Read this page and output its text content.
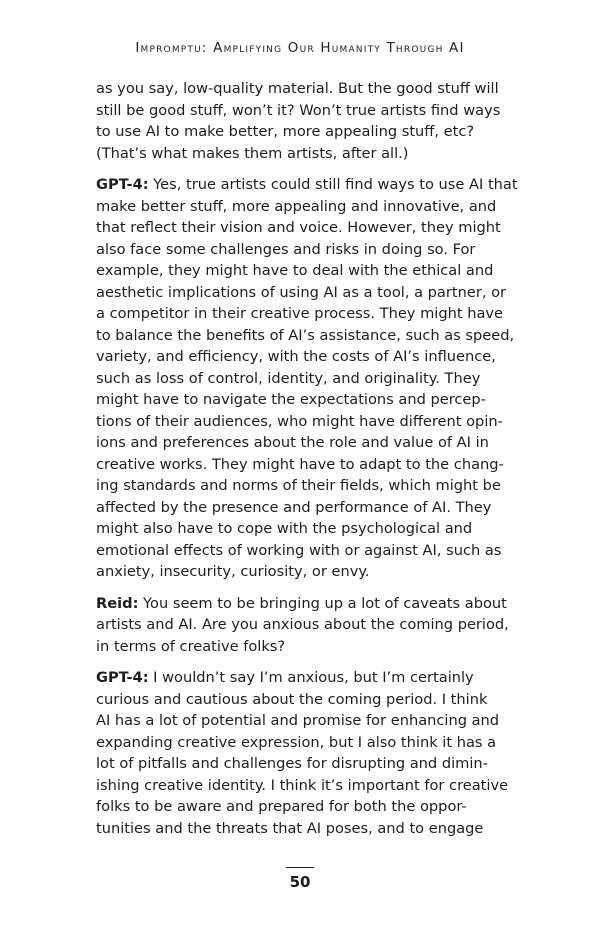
Impromptu: Amplifying Our Humanity Through AI

as you say, low-quality material. But the good stuff will
still be good stuff, won’t it? Won’t true artists find ways
to use AI to make better, more appealing stuff, etc?
(That’s what makes them artists, after all.)

GPT-4: Yes, true artists could still find ways to use AI that
make better stuff, more appealing and innovative, and
that reflect their vision and voice. However, they might
also face some challenges and risks in doing so. For
example, they might have to deal with the ethical and
aesthetic implications of using AI as a tool, a partner, or
a competitor in their creative process. They might have
to balance the benefits of AI’s assistance, such as speed,
variety, and efficiency, with the costs of AI’s influence,
such as loss of control, identity, and originality. They
might have to navigate the expectations and percep-
tions of their audiences, who might have different opin-
ions and preferences about the role and value of AI in
creative works. They might have to adapt to the chang-
ing standards and norms of their fields, which might be
affected by the presence and performance of AI. They
might also have to cope with the psychological and
emotional effects of working with or against AI, such as
anxiety, insecurity, curiosity, or envy.

Reid: You seem to be bringing up a lot of caveats about
artists and AI. Are you anxious about the coming period,
in terms of creative folks?

GPT-4: I wouldn’t say I’m anxious, but I’m certainly
curious and cautious about the coming period. I think
AI has a lot of potential and promise for enhancing and
expanding creative expression, but I also think it has a
lot of pitfalls and challenges for disrupting and dimin-
ishing creative identity. I think it’s important for creative
folks to be aware and prepared for both the oppor-
tunities and the threats that AI poses, and to engage

50
